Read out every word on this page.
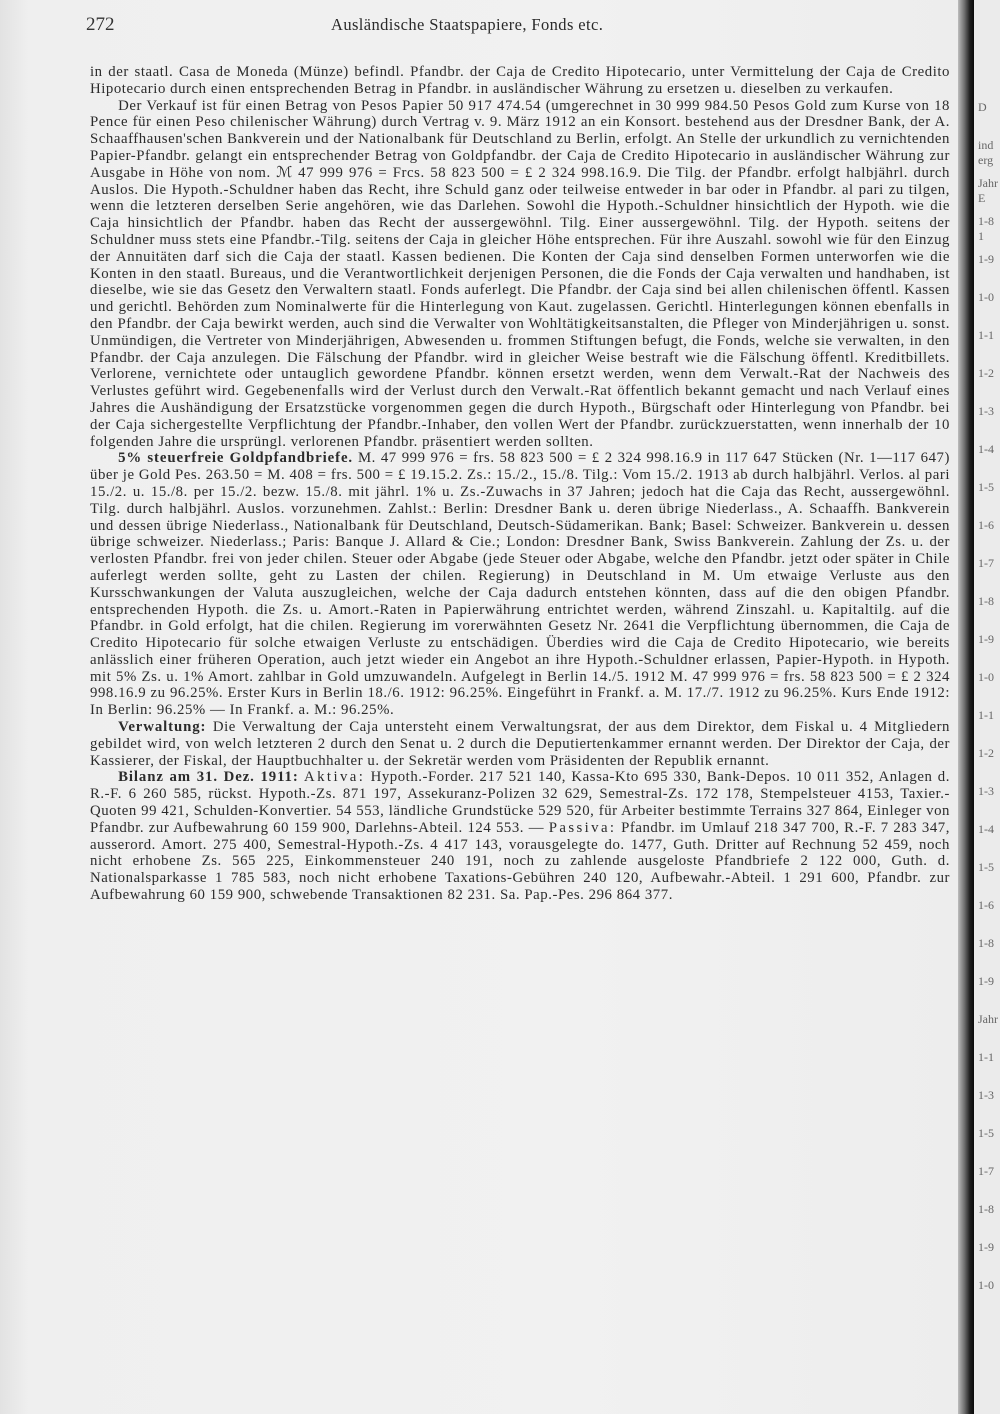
272	Ausländische Staatspapiere, Fonds etc.

in der staatl. Casa de Moneda (Münze) befindl. Pfandbr. der Caja de Credito Hipotecario, unter Vermittelung der Caja de Credito Hipotecario durch einen entsprechenden Betrag in Pfandbr. in ausländischer Währung zu ersetzen u. dieselben zu verkaufen.

Der Verkauf ist für einen Betrag von Pesos Papier 50 917 474.54 (umgerechnet in 30 999 984.50 Pesos Gold zum Kurse von 18 Pence für einen Peso chilenischer Währung) durch Vertrag v. 9. März 1912 an ein Konsort. bestehend aus der Dresdner Bank, der A. Schaaffhausen'schen Bankverein und der Nationalbank für Deutschland zu Berlin, erfolgt. An Stelle der urkundlich zu vernichtenden Papier-Pfandbr. gelangt ein entsprechender Betrag von Goldpfandbr. der Caja de Credito Hipotecario in ausländischer Währung zur Ausgabe in Höhe von nom. ℳ 47 999 976 = Frcs. 58 823 500 = £ 2 324 998.16.9. Die Tilg. der Pfandbr. erfolgt halbjährl. durch Auslos. Die Hypoth.-Schuldner haben das Recht, ihre Schuld ganz oder teilweise entweder in bar oder in Pfandbr. al pari zu tilgen, wenn die letzteren derselben Serie angehören, wie das Darlehen. Sowohl die Hypoth.-Schuldner hinsichtlich der Hypoth. wie die Caja hinsichtlich der Pfandbr. haben das Recht der aussergewöhnl. Tilg. Einer aussergewöhnl. Tilg. der Hypoth. seitens der Schuldner muss stets eine Pfandbr.-Tilg. seitens der Caja in gleicher Höhe entsprechen. Für ihre Auszahl. sowohl wie für den Einzug der Annuitäten darf sich die Caja der staatl. Kassen bedienen. Die Konten der Caja sind denselben Formen unterworfen wie die Konten in den staatl. Bureaus, und die Verantwortlichkeit derjenigen Personen, die die Fonds der Caja verwalten und handhaben, ist dieselbe, wie sie das Gesetz den Verwaltern staatl. Fonds auferlegt. Die Pfandbr. der Caja sind bei allen chilenischen öffentl. Kassen und gerichtl. Behörden zum Nominalwerte für die Hinterlegung von Kaut. zugelassen. Gerichtl. Hinterlegungen können ebenfalls in den Pfandbr. der Caja bewirkt werden, auch sind die Verwalter von Wohltätigkeitsanstalten, die Pfleger von Minderjährigen u. sonst. Unmündigen, die Vertreter von Minderjährigen, Abwesenden u. frommen Stiftungen befugt, die Fonds, welche sie verwalten, in den Pfandbr. der Caja anzulegen. Die Fälschung der Pfandbr. wird in gleicher Weise bestraft wie die Fälschung öffentl. Kreditbillets. Verlorene, vernichtete oder untauglich gewordene Pfandbr. können ersetzt werden, wenn dem Verwalt.-Rat der Nachweis des Verlustes geführt wird. Gegebenenfalls wird der Verlust durch den Verwalt.-Rat öffentlich bekannt gemacht und nach Verlauf eines Jahres die Aushändigung der Ersatzstücke vorgenommen gegen die durch Hypoth., Bürgschaft oder Hinterlegung von Pfandbr. bei der Caja sichergestellte Verpflichtung der Pfandbr.-Inhaber, den vollen Wert der Pfandbr. zurückzuerstatten, wenn innerhalb der 10 folgenden Jahre die ursprüngl. verlorenen Pfandbr. präsentiert werden sollten.

5% steuerfreie Goldpfandbriefe. M. 47 999 976 = frs. 58 823 500 = £ 2 324 998.16.9 in 117 647 Stücken (Nr. 1—117 647) über je Gold Pes. 263.50 = M. 408 = frs. 500 = £ 19.15.2. Zs.: 15./2., 15./8. Tilg.: Vom 15./2. 1913 ab durch halbjährl. Verlos. al pari 15./2. u. 15./8. per 15./2. bezw. 15./8. mit jährl. 1% u. Zs.-Zuwachs in 37 Jahren; jedoch hat die Caja das Recht, aussergewöhnl. Tilg. durch halbjährl. Auslos. vorzunehmen. Zahlst.: Berlin: Dresdner Bank u. deren übrige Niederlass., A. Schaaffh. Bankverein und dessen übrige Niederlass., Nationalbank für Deutschland, Deutsch-Südamerikan. Bank; Basel: Schweizer. Bankverein u. dessen übrige schweizer. Niederlass.; Paris: Banque J. Allard & Cie.; London: Dresdner Bank, Swiss Bankverein. Zahlung der Zs. u. der verlosten Pfandbr. frei von jeder chilen. Steuer oder Abgabe (jede Steuer oder Abgabe, welche den Pfandbr. jetzt oder später in Chile auferlegt werden sollte, geht zu Lasten der chilen. Regierung) in Deutschland in M. Um etwaige Verluste aus den Kursschwankungen der Valuta auszugleichen, welche der Caja dadurch entstehen könnten, dass auf die den obigen Pfandbr. entsprechenden Hypoth. die Zs. u. Amort.-Raten in Papierwährung entrichtet werden, während Zinszahl. u. Kapitaltilg. auf die Pfandbr. in Gold erfolgt, hat die chilen. Regierung im vorerwähnten Gesetz Nr. 2641 die Verpflichtung übernommen, die Caja de Credito Hipotecario für solche etwaigen Verluste zu entschädigen. Überdies wird die Caja de Credito Hipotecario, wie bereits anlässlich einer früheren Operation, auch jetzt wieder ein Angebot an ihre Hypoth.-Schuldner erlassen, Papier-Hypoth. in Hypoth. mit 5% Zs. u. 1% Amort. zahlbar in Gold umzuwandeln. Aufgelegt in Berlin 14./5. 1912 M. 47 999 976 = frs. 58 823 500 = £ 2 324 998.16.9 zu 96.25%. Erster Kurs in Berlin 18./6. 1912: 96.25%. Eingeführt in Frankf. a. M. 17./7. 1912 zu 96.25%. Kurs Ende 1912: In Berlin: 96.25% — In Frankf. a. M.: 96.25%.

Verwaltung: Die Verwaltung der Caja untersteht einem Verwaltungsrat, der aus dem Direktor, dem Fiskal u. 4 Mitgliedern gebildet wird, von welch letzteren 2 durch den Senat u. 2 durch die Deputiertenkammer ernannt werden. Der Direktor der Caja, der Kassierer, der Fiskal, der Hauptbuchhalter u. der Sekretär werden vom Präsidenten der Republik ernannt.

Bilanz am 31. Dez. 1911: Aktiva: Hypoth.-Forder. 217 521 140, Kassa-Kto 695 330, Bank-Depos. 10 011 352, Anlagen d. R.-F. 6 260 585, rückst. Hypoth.-Zs. 871 197, Assekuranz-Polizen 32 629, Semestral-Zs. 172 178, Stempelsteuer 4153, Taxier.-Quoten 99 421, Schulden-Konvertier. 54 553, ländliche Grundstücke 529 520, für Arbeiter bestimmte Terrains 327 864, Einleger von Pfandbr. zur Aufbewahrung 60 159 900, Darlehns-Abteil. 124 553. — Passiva: Pfandbr. im Umlauf 218 347 700, R.-F. 7 283 347, ausserord. Amort. 275 400, Semestral-Hypoth.-Zs. 4 417 143, vorausgelegte do. 1477, Guth. Dritter auf Rechnung 52 459, noch nicht erhobene Zs. 565 225, Einkommensteuer 240 191, noch zu zahlende ausgeloste Pfandbriefe 2 122 000, Guth. d. Nationalsparkasse 1 785 583, noch nicht erhobene Taxations-Gebühren 240 120, Aufbewahr.-Abteil. 1 291 600, Pfandbr. zur Aufbewahrung 60 159 900, schwebende Transaktionen 82 231. Sa. Pap.-Pes. 296 864 377.

D
ind erg
Jahr E
1-8 1
1-9
1-0
1-1
1-2
1-3
1-4
1-5
1-6
1-7
1-8
1-9
1-0
1-1
1-2
1-3
1-4
1-5
1-6
1-8
1-9
Jahr
1-1
1-3
1-5
1-7
1-8
1-9
1-0
